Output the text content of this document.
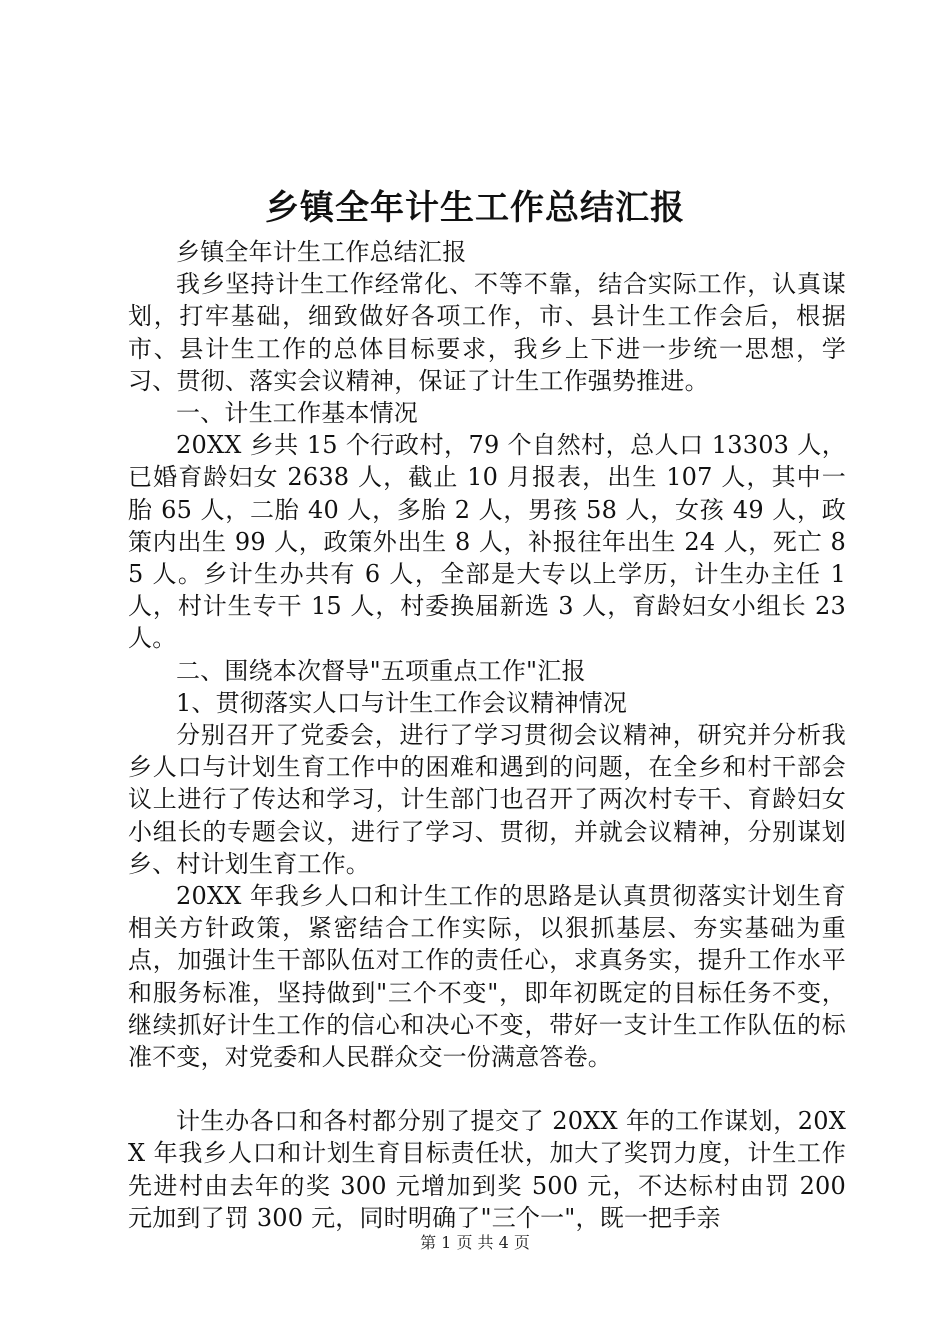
乡镇全年计生工作总结汇报

乡镇全年计生工作总结汇报

我乡坚持计生工作经常化、不等不靠，结合实际工作，认真谋划，打牢基础，细致做好各项工作，市、县计生工作会后，根据市、县计生工作的总体目标要求，我乡上下进一步统一思想，学习、贯彻、落实会议精神，保证了计生工作强势推进。

一、计生工作基本情况

20XX 乡共 15 个行政村，79 个自然村，总人口 13303 人，已婚育龄妇女 2638 人，截止 10 月报表，出生 107 人，其中一胎 65 人，二胎 40 人，多胎 2 人，男孩 58 人，女孩 49 人，政策内出生 99 人，政策外出生 8 人，补报往年出生 24 人，死亡 85 人。乡计生办共有 6 人，全部是大专以上学历，计生办主任 1 人，村计生专干 15 人，村委换届新选 3 人，育龄妇女小组长 23 人。

二、围绕本次督导"五项重点工作"汇报

1、贯彻落实人口与计生工作会议精神情况

分别召开了党委会，进行了学习贯彻会议精神，研究并分析我乡人口与计划生育工作中的困难和遇到的问题，在全乡和村干部会议上进行了传达和学习，计生部门也召开了两次村专干、育龄妇女小组长的专题会议，进行了学习、贯彻，并就会议精神，分别谋划乡、村计划生育工作。

20XX 年我乡人口和计生工作的思路是认真贯彻落实计划生育相关方针政策，紧密结合工作实际，以狠抓基层、夯实基础为重点，加强计生干部队伍对工作的责任心，求真务实，提升工作水平和服务标准，坚持做到"三个不变"，即年初既定的目标任务不变，继续抓好计生工作的信心和决心不变，带好一支计生工作队伍的标准不变，对党委和人民群众交一份满意答卷。

计生办各口和各村都分别了提交了 20XX 年的工作谋划，20XX 年我乡人口和计划生育目标责任状，加大了奖罚力度，计生工作先进村由去年的奖 300 元增加到奖 500 元，不达标村由罚 200 元加到了罚 300 元，同时明确了"三个一"，既一把手亲

第 1 页 共 4 页
